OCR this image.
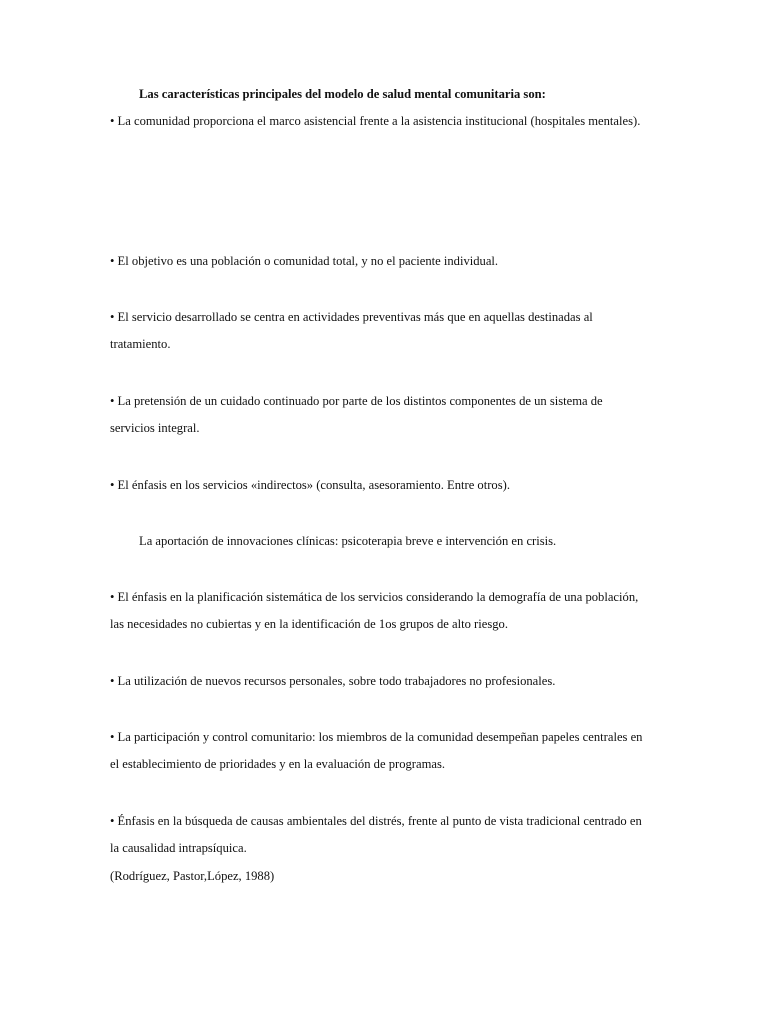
Las características principales del modelo de salud mental comunitaria son:
• La comunidad proporciona el marco asistencial frente a la asistencia institucional (hospitales mentales).
• El objetivo es una población o comunidad total, y no el paciente individual.
• El servicio desarrollado se centra en actividades preventivas más que en aquellas destinadas al
tratamiento.
• La pretensión de un cuidado continuado por parte de los distintos componentes de un sistema de
servicios integral.
• El énfasis en los servicios «indirectos» (consulta, asesoramiento. Entre otros).
La aportación de innovaciones clínicas: psicoterapia breve e intervención en crisis.
• El énfasis en la planificación sistemática de los servicios considerando la demografía de una población,
las necesidades no cubiertas y en la identificación de 1os grupos de alto riesgo.
• La utilización de nuevos recursos personales, sobre todo trabajadores no profesionales.
• La participación y control comunitario: los miembros de la comunidad desempeñan papeles centrales en
el establecimiento de prioridades y en la evaluación de programas.
• Énfasis en la búsqueda de causas ambientales del distrés, frente al punto de vista tradicional centrado en
la causalidad intrapsíquica.
(Rodríguez, Pastor,López, 1988)
